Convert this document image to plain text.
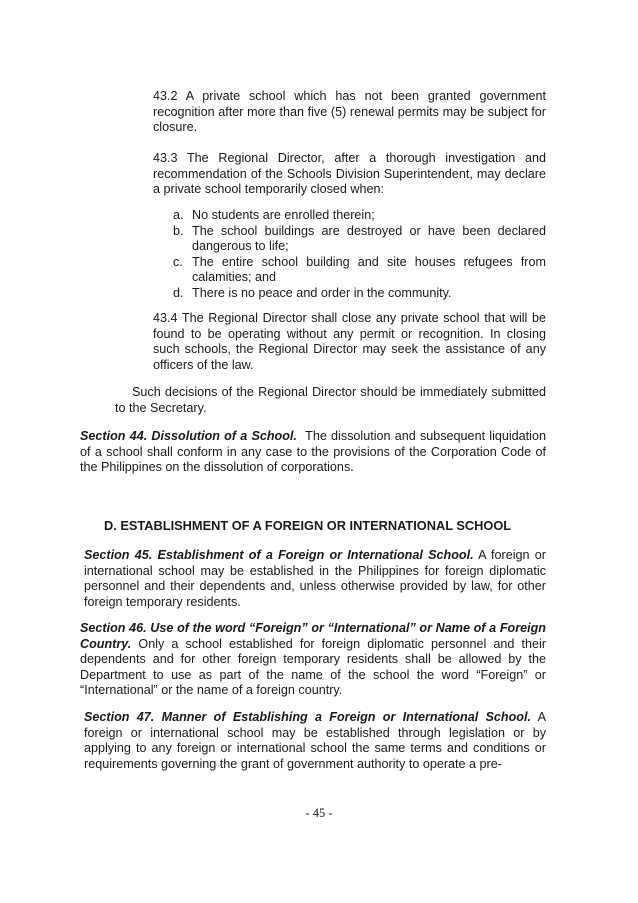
43.2 A private school which has not been granted government recognition after more than five (5) renewal permits may be subject for closure.

43.3 The Regional Director, after a thorough investigation and recommendation of the Schools Division Superintendent, may declare a private school temporarily closed when:

a. No students are enrolled therein;
b. The school buildings are destroyed or have been declared dangerous to life;
c. The entire school building and site houses refugees from calamities; and
d. There is no peace and order in the community.

43.4 The Regional Director shall close any private school that will be found to be operating without any permit or recognition. In closing such schools, the Regional Director may seek the assistance of any officers of the law.

Such decisions of the Regional Director should be immediately submitted to the Secretary.

Section 44. Dissolution of a School. The dissolution and subsequent liquidation of a school shall conform in any case to the provisions of the Corporation Code of the Philippines on the dissolution of corporations.

D. ESTABLISHMENT OF A FOREIGN OR INTERNATIONAL SCHOOL

Section 45. Establishment of a Foreign or International School. A foreign or international school may be established in the Philippines for foreign diplomatic personnel and their dependents and, unless otherwise provided by law, for other foreign temporary residents.

Section 46. Use of the word “Foreign” or “International” or Name of a Foreign Country. Only a school established for foreign diplomatic personnel and their dependents and for other foreign temporary residents shall be allowed by the Department to use as part of the name of the school the word “Foreign” or “International” or the name of a foreign country.

Section 47. Manner of Establishing a Foreign or International School. A foreign or international school may be established through legislation or by applying to any foreign or international school the same terms and conditions or requirements governing the grant of government authority to operate a pre-

- 45 -
